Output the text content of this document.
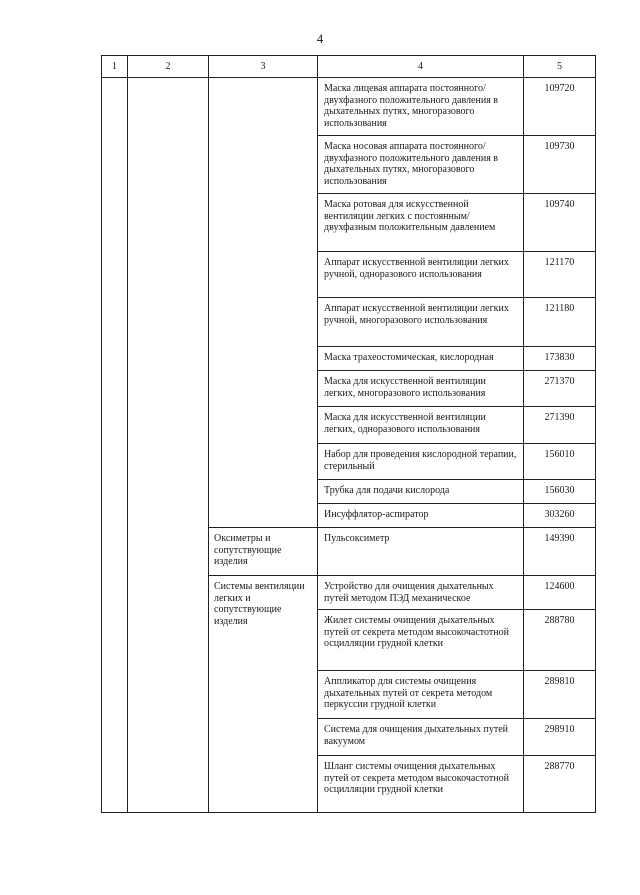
4
1	2	3	4	5
			Маска лицевая аппарата постоянного/двухфазного положительного давления в дыхательных путях, многоразового использования	109720
			Маска носовая аппарата постоянного/двухфазного положительного давления в дыхательных путях, многоразового использования	109730
			Маска ротовая для искусственной вентиляции легких с постоянным/двухфазным положительным давлением	109740
			Аппарат искусственной вентиляции легких ручной, одноразового использования	121170
			Аппарат искусственной вентиляции легких ручной, многоразового использования	121180
			Маска трахеостомическая, кислородная	173830
			Маска для искусственной вентиляции легких, многоразового использования	271370
			Маска для искусственной вентиляции легких, одноразового использования	271390
			Набор для проведения кислородной терапии, стерильный	156010
			Трубка для подачи кислорода	156030
			Инсуффлятор-аспиратор	303260
		Оксиметры и сопутствующие изделия	Пульсоксиметр	149390
		Системы вентиляции легких и сопутствующие изделия	Устройство для очищения дыхательных путей методом ПЭД механическое	124600
			Жилет системы очищения дыхательных путей от секрета методом высокочастотной осцилляции грудной клетки	288780
			Аппликатор для системы очищения дыхательных путей от секрета методом перкуссии грудной клетки	289810
			Система для очищения дыхательных путей вакуумом	298910
			Шланг системы очищения дыхательных путей от секрета методом высокочастотной осцилляции грудной клетки	288770
